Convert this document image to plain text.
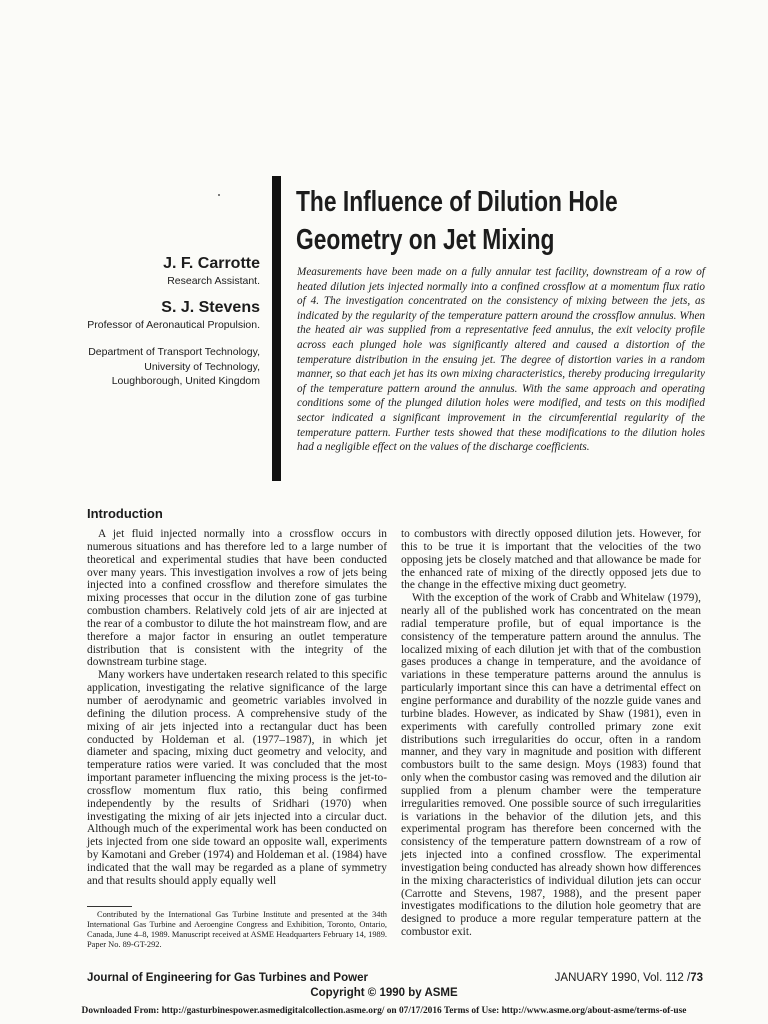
The Influence of Dilution Hole
Geometry on Jet Mixing
J. F. Carrotte
Research Assistant.
S. J. Stevens
Professor of Aeronautical Propulsion.
Department of Transport Technology,
University of Technology,
Loughborough, United Kingdom

Measurements have been made on a fully annular test facility, downstream of a row of heated dilution jets injected normally into a confined crossflow at a momentum flux ratio of 4. The investigation concentrated on the consistency of mixing between the jets, as indicated by the regularity of the temperature pattern around the crossflow annulus. When the heated air was supplied from a representative feed annulus, the exit velocity profile across each plunged hole was significantly altered and caused a distortion of the temperature distribution in the ensuing jet. The degree of distortion varies in a random manner, so that each jet has its own mixing characteristics, thereby producing irregularity of the temperature pattern around the annulus. With the same approach and operating conditions some of the plunged dilution holes were modified, and tests on this modified sector indicated a significant improvement in the circumferential regularity of the temperature pattern. Further tests showed that these modifications to the dilution holes had a negligible effect on the values of the discharge coefficients.

Introduction

A jet fluid injected normally into a crossflow occurs in numerous situations and has therefore led to a large number of theoretical and experimental studies that have been conducted over many years. This investigation involves a row of jets being injected into a confined crossflow and therefore simulates the mixing processes that occur in the dilution zone of gas turbine combustion chambers. Relatively cold jets of air are injected at the rear of a combustor to dilute the hot mainstream flow, and are therefore a major factor in ensuring an outlet temperature distribution that is consistent with the integrity of the downstream turbine stage.

Many workers have undertaken research related to this specific application, investigating the relative significance of the large number of aerodynamic and geometric variables involved in defining the dilution process. A comprehensive study of the mixing of air jets injected into a rectangular duct has been conducted by Holdeman et al. (1977–1987), in which jet diameter and spacing, mixing duct geometry and velocity, and temperature ratios were varied. It was concluded that the most important parameter influencing the mixing process is the jet-to-crossflow momentum flux ratio, this being confirmed independently by the results of Sridhari (1970) when investigating the mixing of air jets injected into a circular duct. Although much of the experimental work has been conducted on jets injected from one side toward an opposite wall, experiments by Kamotani and Greber (1974) and Holdeman et al. (1984) have indicated that the wall may be regarded as a plane of symmetry and that results should apply equally well

to combustors with directly opposed dilution jets. However, for this to be true it is important that the velocities of the two opposing jets be closely matched and that allowance be made for the enhanced rate of mixing of the directly opposed jets due to the change in the effective mixing duct geometry.

With the exception of the work of Crabb and Whitelaw (1979), nearly all of the published work has concentrated on the mean radial temperature profile, but of equal importance is the consistency of the temperature pattern around the annulus. The localized mixing of each dilution jet with that of the combustion gases produces a change in temperature, and the avoidance of variations in these temperature patterns around the annulus is particularly important since this can have a detrimental effect on engine performance and durability of the nozzle guide vanes and turbine blades. However, as indicated by Shaw (1981), even in experiments with carefully controlled primary zone exit distributions such irregularities do occur, often in a random manner, and they vary in magnitude and position with different combustors built to the same design. Moys (1983) found that only when the combustor casing was removed and the dilution air supplied from a plenum chamber were the temperature irregularities removed. One possible source of such irregularities is variations in the behavior of the dilution jets, and this experimental program has therefore been concerned with the consistency of the temperature pattern downstream of a row of jets injected into a confined crossflow. The experimental investigation being conducted has already shown how differences in the mixing characteristics of individual dilution jets can occur (Carrotte and Stevens, 1987, 1988), and the present paper investigates modifications to the dilution hole geometry that are designed to produce a more regular temperature pattern at the combustor exit.

Contributed by the International Gas Turbine Institute and presented at the 34th International Gas Turbine and Aeroengine Congress and Exhibition, Toronto, Ontario, Canada, June 4–8, 1989. Manuscript received at ASME Headquarters February 14, 1989. Paper No. 89-GT-292.
Journal of Engineering for Gas Turbines and Power	JANUARY 1990, Vol. 112 /73
Copyright © 1990 by ASME
Downloaded From: http://gasturbinespower.asmedigitalcollection.asme.org/ on 07/17/2016 Terms of Use: http://www.asme.org/about-asme/terms-of-use
